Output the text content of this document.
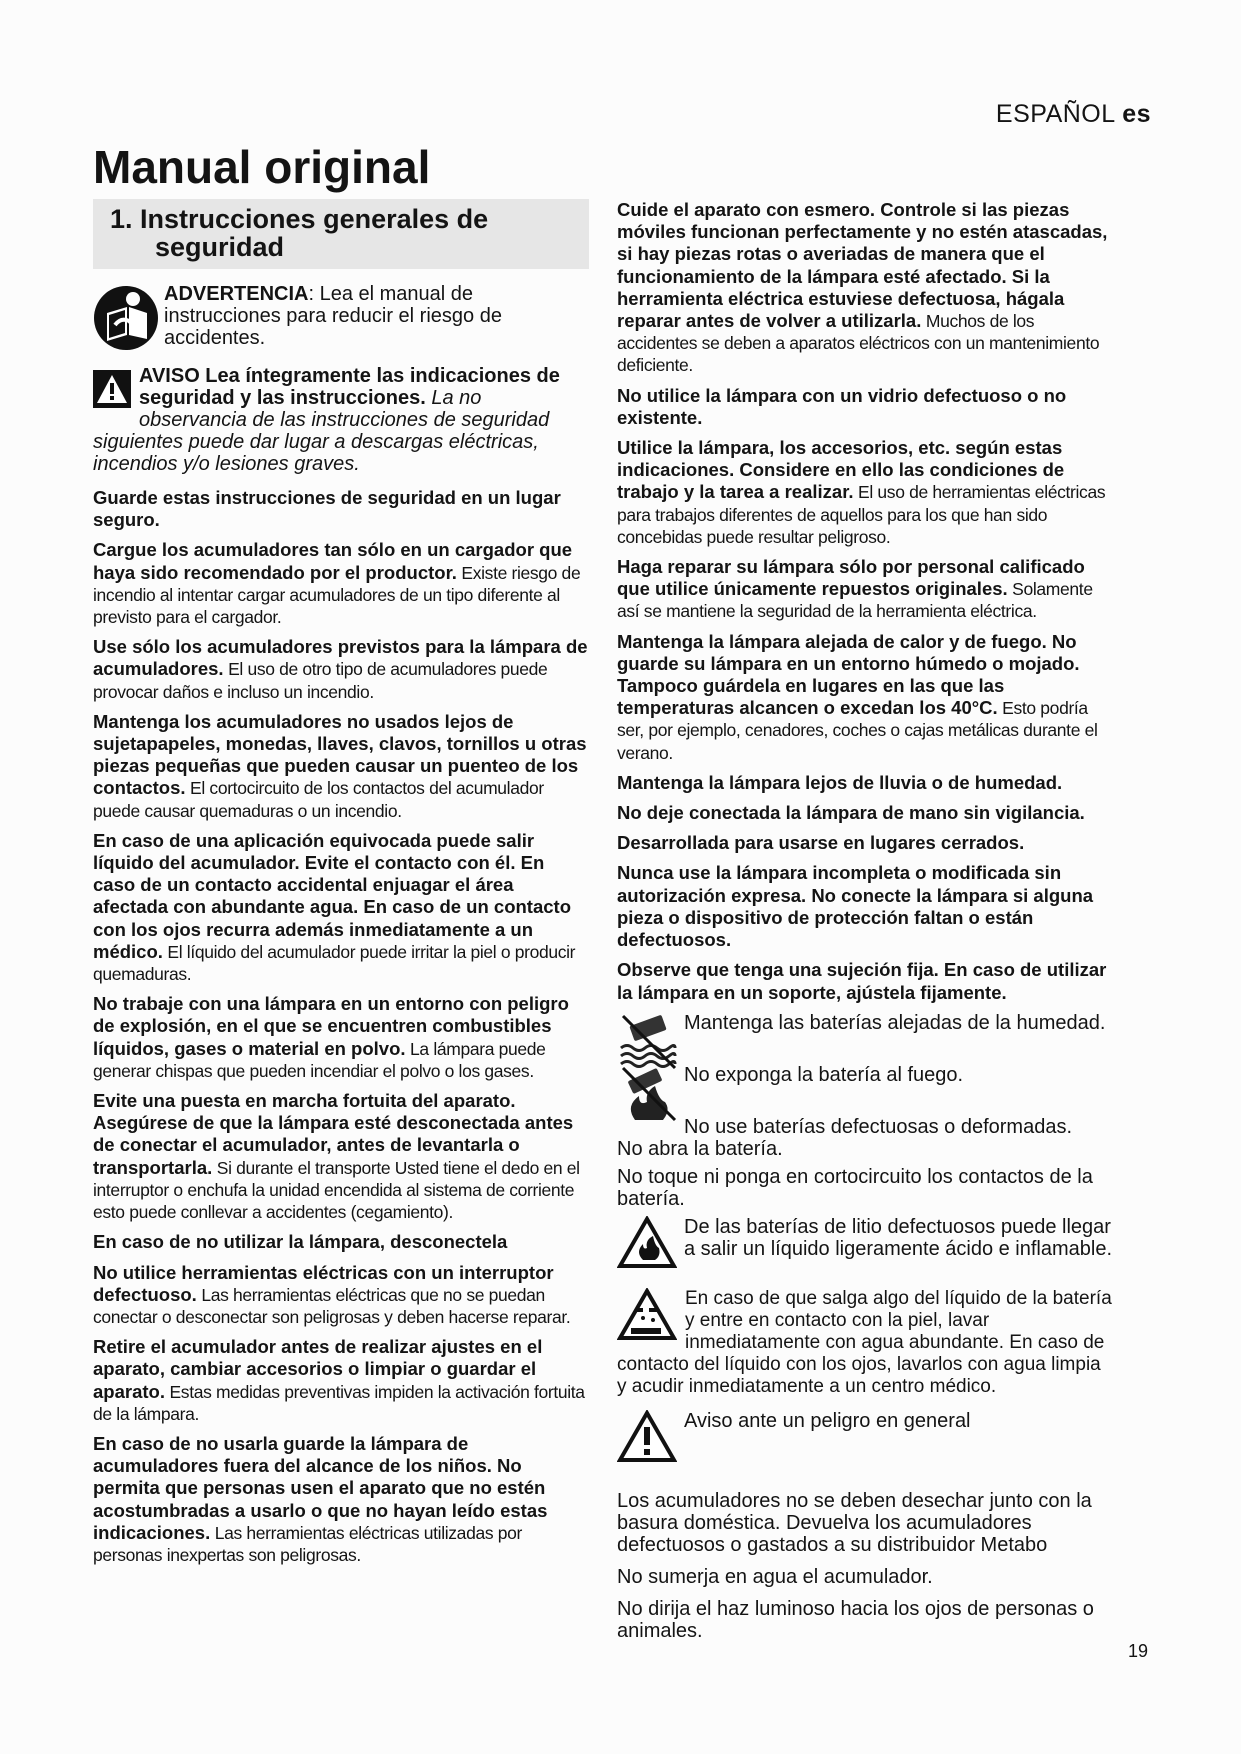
ESPAÑOL es
Manual original
1. Instrucciones generales de
seguridad
ADVERTENCIA: Lea el manual de instrucciones para reducir el riesgo de accidentes.
AVISO Lea íntegramente las indicaciones de seguridad y las instrucciones. La no observancia de las instrucciones de seguridad siguientes puede dar lugar a descargas eléctricas, incendios y/o lesiones graves.

Guarde estas instrucciones de seguridad en un lugar seguro.

Cargue los acumuladores tan sólo en un cargador que haya sido recomendado por el productor. Existe riesgo de incendio al intentar cargar acumuladores de un tipo diferente al previsto para el cargador.

Use sólo los acumuladores previstos para la lámpara de acumuladores. El uso de otro tipo de acumuladores puede provocar daños e incluso un incendio.

Mantenga los acumuladores no usados lejos de sujetapapeles, monedas, llaves, clavos, tornillos u otras piezas pequeñas que pueden causar un puenteo de los contactos. El cortocircuito de los contactos del acumulador puede causar quemaduras o un incendio.

En caso de una aplicación equivocada puede salir líquido del acumulador. Evite el contacto con él. En caso de un contacto accidental enjuagar el área afectada con abundante agua. En caso de un contacto con los ojos recurra además inmediatamente a un médico. El líquido del acumulador puede irritar la piel o producir quemaduras.

No trabaje con una lámpara en un entorno con peligro de explosión, en el que se encuentren combustibles líquidos, gases o material en polvo. La lámpara puede generar chispas que pueden incendiar el polvo o los gases.

Evite una puesta en marcha fortuita del aparato. Asegúrese de que la lámpara esté desconectada antes de conectar el acumulador, antes de levantarla o transportarla. Si durante el transporte Usted tiene el dedo en el interruptor o enchufa la unidad encendida al sistema de corriente esto puede conllevar a accidentes (cegamiento).

En caso de no utilizar la lámpara, desconectela

No utilice herramientas eléctricas con un interruptor defectuoso. Las herramientas eléctricas que no se puedan conectar o desconectar son peligrosas y deben hacerse reparar.

Retire el acumulador antes de realizar ajustes en el aparato, cambiar accesorios o limpiar o guardar el aparato. Estas medidas preventivas impiden la activación fortuita de la lámpara.

En caso de no usarla guarde la lámpara de acumuladores fuera del alcance de los niños. No permita que personas usen el aparato que no estén acostumbradas a usarlo o que no hayan leído estas indicaciones. Las herramientas eléctricas utilizadas por personas inexpertas son peligrosas.

Cuide el aparato con esmero. Controle si las piezas móviles funcionan perfectamente y no estén atascadas, si hay piezas rotas o averiadas de manera que el funcionamiento de la lámpara esté afectado. Si la herramienta eléctrica estuviese defectuosa, hágala reparar antes de volver a utilizarla. Muchos de los accidentes se deben a aparatos eléctricos con un mantenimiento deficiente.

No utilice la lámpara con un vidrio defectuoso o no existente.

Utilice la lámpara, los accesorios, etc. según estas indicaciones. Considere en ello las condiciones de trabajo y la tarea a realizar. El uso de herramientas eléctricas para trabajos diferentes de aquellos para los que han sido concebidas puede resultar peligroso.

Haga reparar su lámpara sólo por personal calificado que utilice únicamente repuestos originales. Solamente así se mantiene la seguridad de la herramienta eléctrica.

Mantenga la lámpara alejada de calor y de fuego. No guarde su lámpara en un entorno húmedo o mojado. Tampoco guárdela en lugares en las que las temperaturas alcancen o excedan los 40°C. Esto podría ser, por ejemplo, cenadores, coches o cajas metálicas durante el verano.

Mantenga la lámpara lejos de lluvia o de humedad.

No deje conectada la lámpara de mano sin vigilancia.

Desarrollada para usarse en lugares cerrados.

Nunca use la lámpara incompleta o modificada sin autorización expresa. No conecte la lámpara si alguna pieza o dispositivo de protección faltan o están defectuosos.

Observe que tenga una sujeción fija. En caso de utilizar la lámpara en un soporte, ajústela fijamente.

Mantenga las baterías alejadas de la humedad.
No exponga la batería al fuego.
No use baterías defectuosas o deformadas.
No abra la batería.
No toque ni ponga en cortocircuito los contactos de la batería.
De las baterías de litio defectuosos puede llegar a salir un líquido ligeramente ácido e inflamable.
En caso de que salga algo del líquido de la batería y entre en contacto con la piel, lavar inmediatamente con agua abundante. En caso de contacto del líquido con los ojos, lavarlos con agua limpia y acudir inmediatamente a un centro médico.
Aviso ante un peligro en general
Los acumuladores no se deben desechar junto con la basura doméstica. Devuelva los acumuladores defectuosos o gastados a su distribuidor Metabo
No sumerja en agua el acumulador.
No dirija el haz luminoso hacia los ojos de personas o animales.
19
